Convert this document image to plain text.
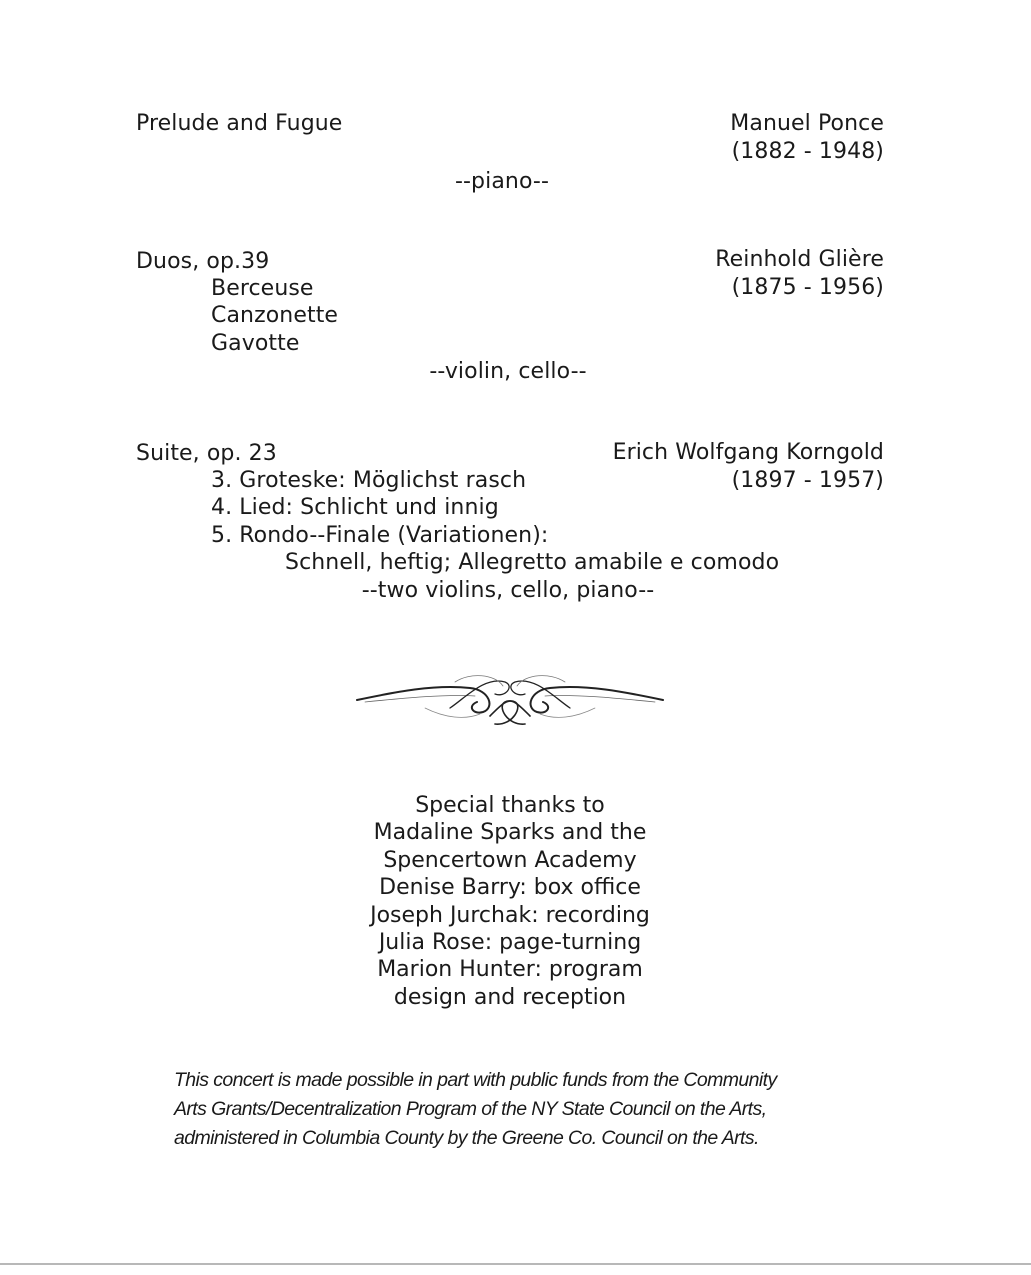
Prelude and Fugue	Manuel Ponce
(1882 - 1948)
--piano--
Duos, op.39	Reinhold Glière
(1875 - 1956)
Berceuse
Canzonette
Gavotte
--violin, cello--
Suite, op. 23	Erich Wolfgang Korngold
(1897 - 1957)
3. Groteske: Möglichst rasch
4. Lied: Schlicht und innig
5. Rondo--Finale (Variationen):
Schnell, heftig; Allegretto amabile e comodo
--two violins, cello, piano--
Special thanks to
Madaline Sparks and the
Spencertown Academy
Denise Barry: box office
Joseph Jurchak: recording
Julia Rose: page-turning
Marion Hunter: program
design and reception
This concert is made possible in part with public funds from the Community
Arts Grants/Decentralization Program of the NY State Council on the Arts,
administered in Columbia County by the Greene Co. Council on the Arts.
